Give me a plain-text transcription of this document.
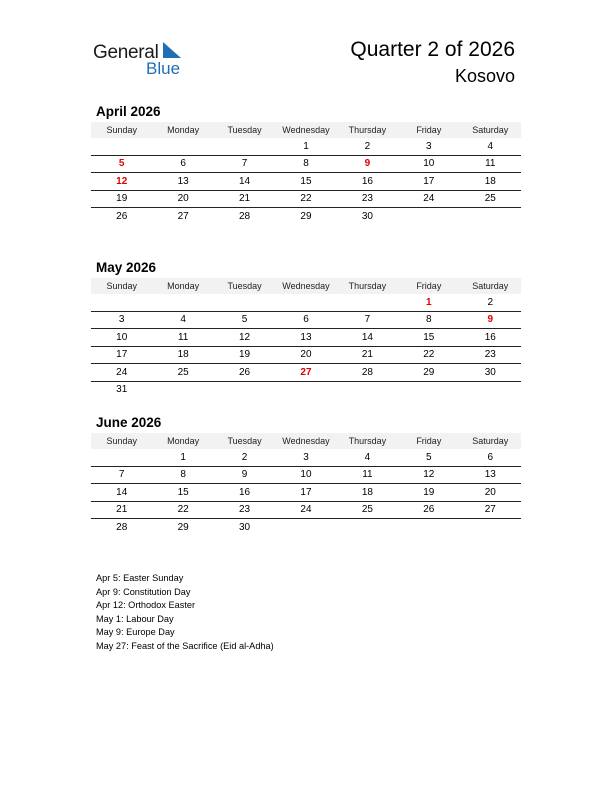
General
Blue
Quarter 2 of 2026
Kosovo
April 2026
Sunday	Monday	Tuesday	Wednesday	Thursday	Friday	Saturday
			1	2	3	4
5	6	7	8	9	10	11
12	13	14	15	16	17	18
19	20	21	22	23	24	25
26	27	28	29	30		
May 2026
Sunday	Monday	Tuesday	Wednesday	Thursday	Friday	Saturday
					1	2
3	4	5	6	7	8	9
10	11	12	13	14	15	16
17	18	19	20	21	22	23
24	25	26	27	28	29	30
31						
June 2026
Sunday	Monday	Tuesday	Wednesday	Thursday	Friday	Saturday
	1	2	3	4	5	6
7	8	9	10	11	12	13
14	15	16	17	18	19	20
21	22	23	24	25	26	27
28	29	30				
Apr 5: Easter Sunday
Apr 9: Constitution Day
Apr 12: Orthodox Easter
May 1: Labour Day
May 9: Europe Day
May 27: Feast of the Sacrifice (Eid al-Adha)
